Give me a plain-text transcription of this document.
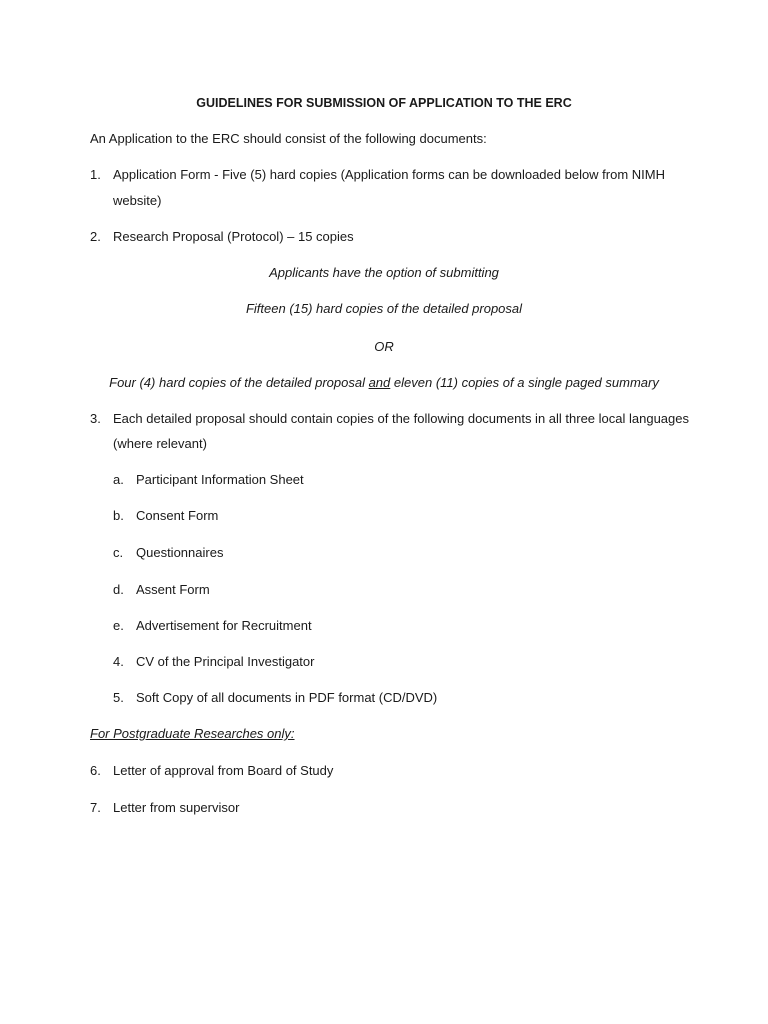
GUIDELINES FOR SUBMISSION OF APPLICATION TO THE ERC
An Application to the ERC should consist of the following documents:
1. Application Form - Five (5) hard copies (Application forms can be downloaded below from NIMH
website)
2. Research Proposal (Protocol) – 15 copies
Applicants have the option of submitting
Fifteen (15) hard copies of the detailed proposal
OR
Four (4) hard copies of the detailed proposal and eleven (11) copies of a single paged summary
3. Each detailed proposal should contain copies of the following documents in all three local languages
(where relevant)
a. Participant Information Sheet
b. Consent Form
c. Questionnaires
d. Assent Form
e. Advertisement for Recruitment
4. CV of the Principal Investigator
5. Soft Copy of all documents in PDF format (CD/DVD)
For Postgraduate Researches only:
6. Letter of approval from Board of Study
7. Letter from supervisor
